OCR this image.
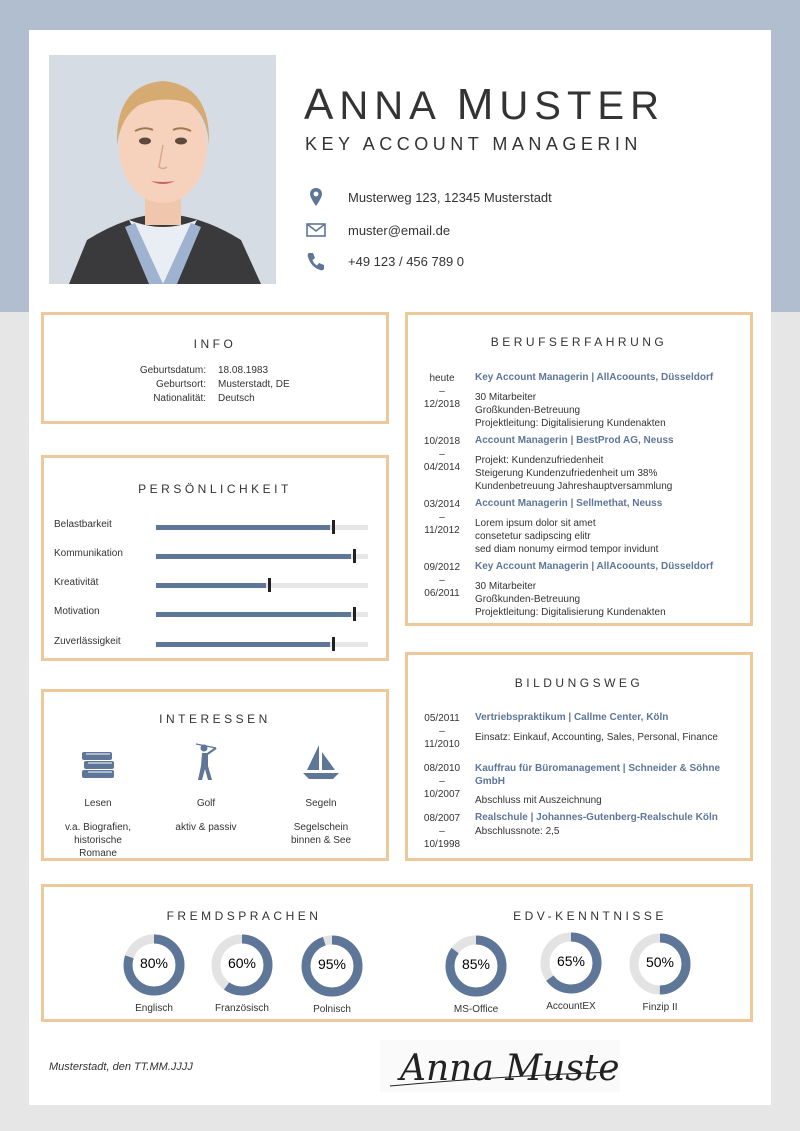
ANNA MUSTER
KEY ACCOUNT MANAGERIN
Musterweg 123, 12345 Musterstadt
muster@email.de
+49 123 / 456 789 0
INFO
Geburtsdatum: 18.08.1983
Geburtsort: Musterstadt, DE
Nationalität: Deutsch
PERSÖNLICHKEIT
Belastbarkeit
Kommunikation
Kreativität
Motivation
Zuverlässigkeit
INTERESSEN
Lesen
v.a. Biografien,
historische
Romane
Golf
aktiv & passiv
Segeln
Segelschein
binnen & See
BERUFSERFAHRUNG
heute
–
12/2018
Key Account Managerin | AllAcoounts, Düsseldorf
30 Mitarbeiter
Großkunden-Betreuung
Projektleitung: Digitalisierung Kundenakten
10/2018
–
04/2014
Account Managerin | BestProd AG, Neuss
Projekt: Kundenzufriedenheit
Steigerung Kundenzufriedenheit um 38%
Kundenbetreuung Jahreshauptversammlung
03/2014
–
11/2012
Account Managerin | Sellmethat, Neuss
Lorem ipsum dolor sit amet
consetetur sadipscing elitr
sed diam nonumy eirmod tempor invidunt
09/2012
–
06/2011
Key Account Managerin | AllAcoounts, Düsseldorf
30 Mitarbeiter
Großkunden-Betreuung
Projektleitung: Digitalisierung Kundenakten
BILDUNGSWEG
05/2011
–
11/2010
Vertriebspraktikum | Callme Center, Köln
Einsatz: Einkauf, Accounting, Sales, Personal, Finance
08/2010
–
10/2007
Kauffrau für Büromanagement | Schneider & Söhne
GmbH
Abschluss mit Auszeichnung
08/2007
–
10/1998
Realschule | Johannes-Gutenberg-Realschule Köln
Abschlussnote: 2,5
FREMDSPRACHEN	EDV-KENNTNISSE
80%
Englisch
60%
Französisch
95%
Polnisch
85%
MS-Office
65%
AccountEX
50%
Finzip II
Musterstadt, den TT.MM.JJJJ	Anna Muster
